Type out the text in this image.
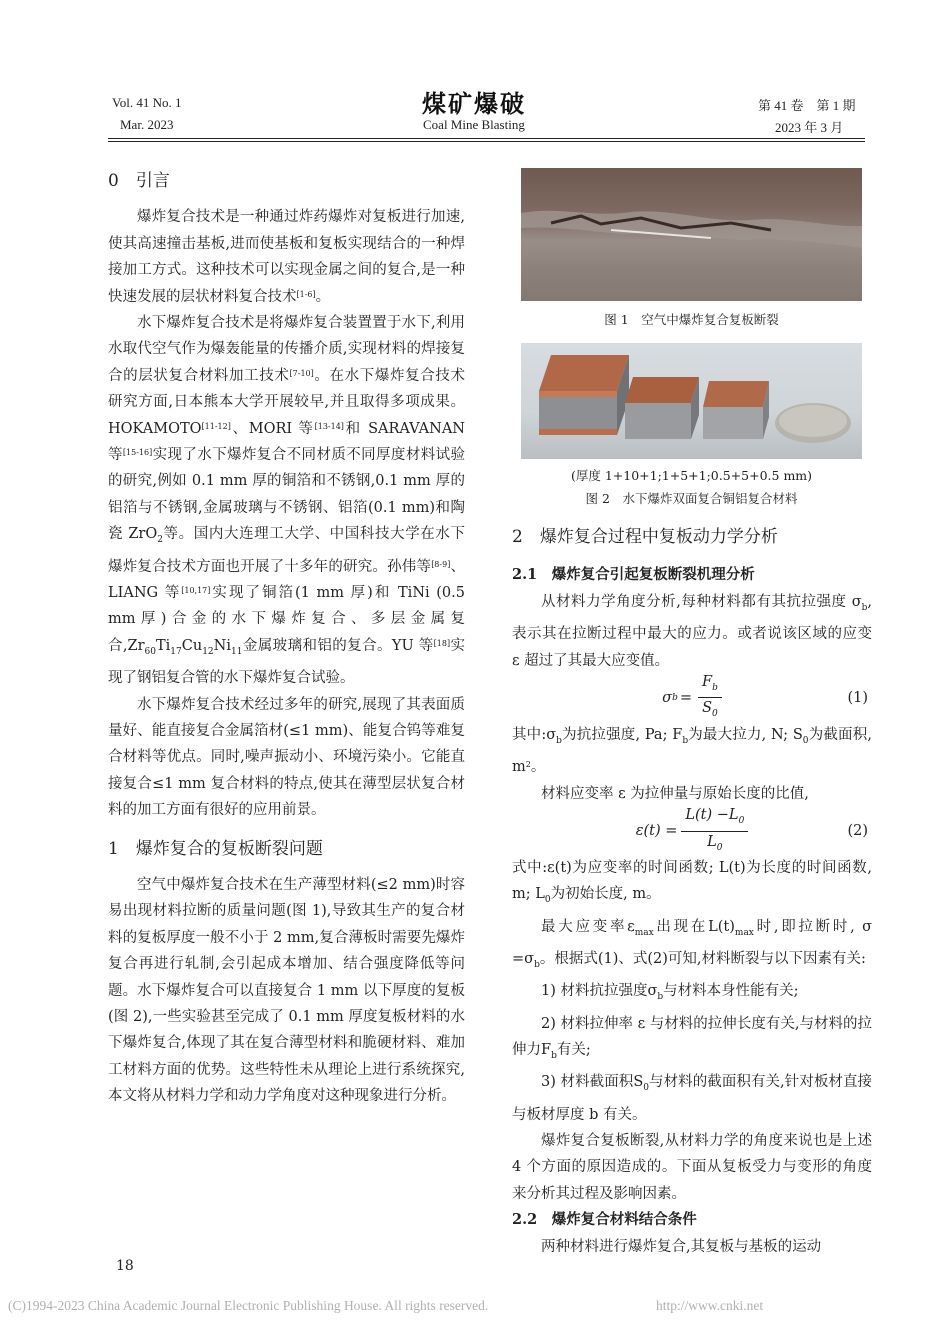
Vol. 41 No. 1
Mar. 2023
煤矿爆破
Coal Mine Blasting
第 41 卷　第 1 期
2023 年 3 月

0　引言

爆炸复合技术是一种通过炸药爆炸对复板进行加速,使其高速撞击基板,进而使基板和复板实现结合的一种焊接加工方式。这种技术可以实现金属之间的复合,是一种快速发展的层状材料复合技术[1-6]。

水下爆炸复合技术是将爆炸复合装置置于水下,利用水取代空气作为爆轰能量的传播介质,实现材料的焊接复合的层状复合材料加工技术[7-10]。在水下爆炸复合技术研究方面,日本熊本大学开展较早,并且取得多项成果。HOKAMOTO[11-12]、MORI 等[13-14]和 SARAVANAN 等[15-16]实现了水下爆炸复合不同材质不同厚度材料试验的研究,例如 0.1 mm 厚的铜箔和不锈钢,0.1 mm 厚的铝箔与不锈钢,金属玻璃与不锈钢、铝箔(0.1 mm)和陶瓷 ZrO$_2$等。国内大连理工大学、中国科技大学在水下爆炸复合技术方面也开展了十多年的研究。孙伟等[8-9]、LIANG 等[10,17]实现了铜箔(1 mm 厚)和 TiNi (0.5 mm厚)合金的水下爆炸复合、多层金属复合$,Zr_{60}Ti_{17}Cu_{12}Ni_{11}$金属玻璃和铝的复合。YU 等[18]实现了钢铝复合管的水下爆炸复合试验。

水下爆炸复合技术经过多年的研究,展现了其表面质量好、能直接复合金属箔材(≤1 mm)、能复合钨等难复合材料等优点。同时,噪声振动小、环境污染小。它能直接复合≤1 mm 复合材料的特点,使其在薄型层状复合材料的加工方面有很好的应用前景。

1　爆炸复合的复板断裂问题

空气中爆炸复合技术在生产薄型材料(≤2 mm)时容易出现材料拉断的质量问题(图 1),导致其生产的复合材料的复板厚度一般不小于 2 mm,复合薄板时需要先爆炸复合再进行轧制,会引起成本增加、结合强度降低等问题。水下爆炸复合可以直接复合 1 mm 以下厚度的复板(图 2),一些实验甚至完成了 0.1 mm 厚度复板材料的水下爆炸复合,体现了其在复合薄型材料和脆硬材料、难加工材料方面的优势。这些特性未从理论上进行系统探究,本文将从材料力学和动力学角度对这种现象进行分析。

18
图 1　空气中爆炸复合复板断裂
(厚度 1+10+1;1+5+1;0.5+5+0.5 mm)
图 2　水下爆炸双面复合铜铝复合材料

2　爆炸复合过程中复板动力学分析

2.1　爆炸复合引起复板断裂机理分析

从材料力学角度分析,每种材料都有其抗拉强度 $\sigma_b$,表示其在拉断过程中最大的应力。或者说该区域的应变 ε 超过了其最大应变值。

σ $b = \frac{F_b}{S_0}$	(1)

其中$:\sigma_b$为抗拉强度, Pa; $F_b$为最大拉力, N; $S_0$为截面积, $m^2$。

材料应变率 ε 为拉伸量与原始长度的比值,

$\varepsilon(t) = \frac{L(t) -L_0}{L_0}$	(2)

式中:ε(t)为应变率的时间函数; L(t)为长度的时间函数, m; $L_0$为初始长度, m。

最大应变率$\varepsilon_{max}$出现在$L(t)_{max}$时,即拉断时, $\sigma =\sigma_b$。根据式(1)、式(2)可知,材料断裂与以下因素有关:

1) 材料抗拉强度$\sigma_b$与材料本身性能有关;

2) 材料拉伸率 ε 与材料的拉伸长度有关,与材料的拉伸力$F_b$有关;

3) 材料截面积$S_0$与材料的截面积有关,针对板材直接与板材厚度 b 有关。

爆炸复合复板断裂,从材料力学的角度来说也是上述 4 个方面的原因造成的。下面从复板受力与变形的角度来分析其过程及影响因素。

2.2　爆炸复合材料结合条件

两种材料进行爆炸复合,其复板与基板的运动

(C)1994-2023 China Academic Journal Electronic Publishing House. All rights reserved.	http://www.cnki.net
